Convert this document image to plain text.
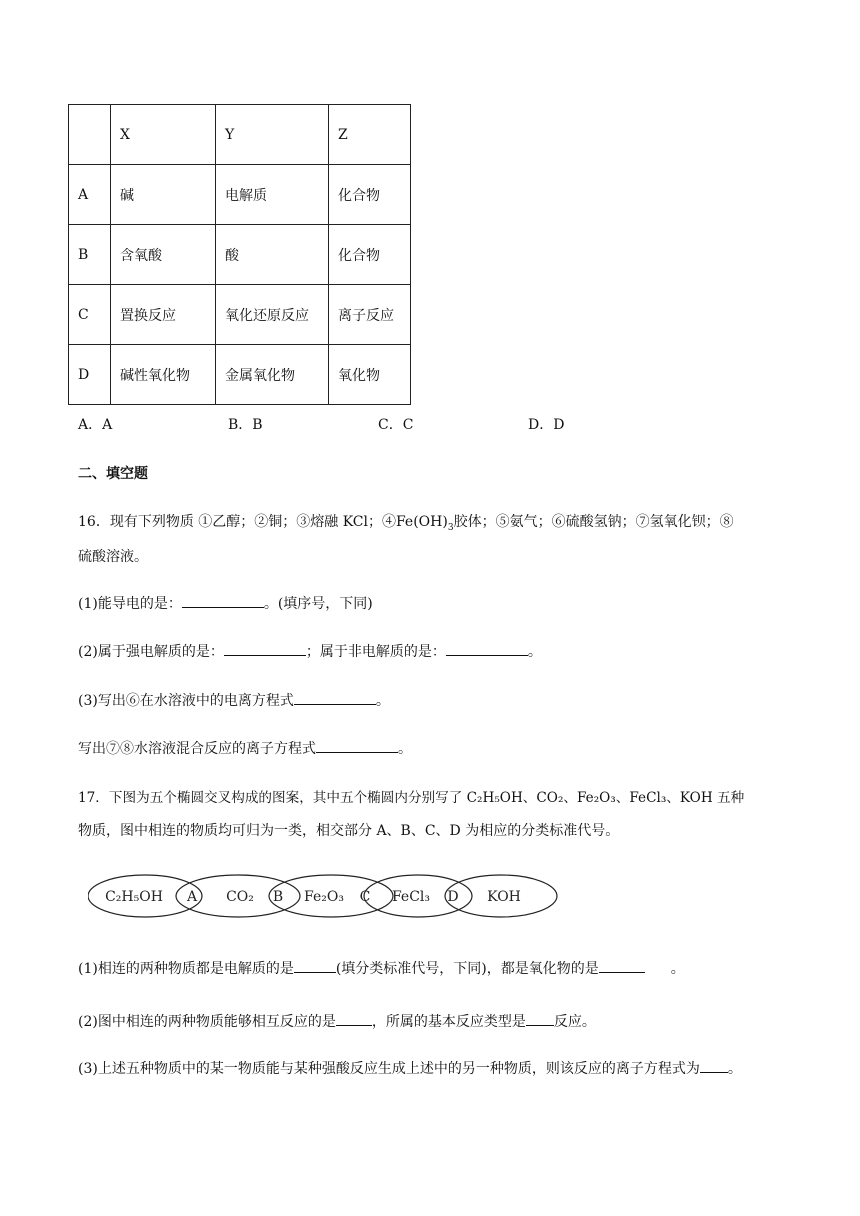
	X	Y	Z
A	碱	电解质	化合物
B	含氧酸	酸	化合物
C	置换反应	氧化还原反应	离子反应
D	碱性氧化物	金属氧化物	氧化物
A．A	B．B	C．C	D．D
二、填空题
16．现有下列物质 ①乙醇；②铜；③熔融 KCl；$④Fe(OH)_3$胶体；⑤氨气；⑥硫酸氢钠；⑦氢氧化钡；⑧
硫酸溶液。
(1)能导电的是：	。(填序号，下同)
(2)属于强电解质的是：	；属于非电解质的是：	。
(3)写出⑥在水溶液中的电离方程式	。
写出⑦⑧水溶液混合反应的离子方程式	。
17．下图为五个椭圆交叉构成的图案，其中五个椭圆内分别写了 C₂H₅OH、CO₂、Fe₂O₃、FeCl₃、KOH 五种
物质，图中相连的物质均可归为一类，相交部分 A、B、C、D 为相应的分类标准代号。
C₂H₅OH	CO₂	Fe₂O₃	FeCl₃	KOH
A	B	C	D
(1)相连的两种物质都是电解质的是	(填分类标准代号，下同)，都是氧化物的是	。
(2)图中相连的两种物质能够相互反应的是	，所属的基本反应类型是 反应。
(3)上述五种物质中的某一物质能与某种强酸反应生成上述中的另一种物质，则该反应的离子方程式为 。
